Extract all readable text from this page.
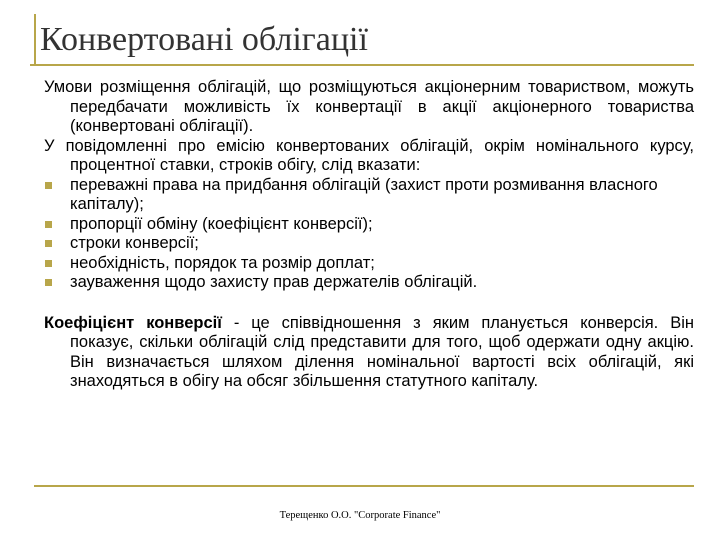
Конвертовані облігації

Умови розміщення облігацій, що розміщуються акціонерним товариством, можуть передбачати можливість їх конвертації в акції акціонерного товариства (конвертовані облігації).

У повідомленні про емісію конвертованих облігацій, окрім номінального курсу, процентної ставки, строків обігу, слід вказати:

переважні права на придбання облігацій (захист проти розмивання власного капіталу);
пропорції обміну (коефіцієнт конверсії);
строки конверсії;
необхідність, порядок та розмір доплат;
зауваження щодо захисту прав держателів облігацій.

Коефіцієнт конверсії - це співвідношення з яким планується конверсія. Він показує, скільки облігацій слід представити для того, щоб одержати одну акцію. Він визначається шляхом ділення номінальної вартості всіх облігацій, які знаходяться в обігу на обсяг збільшення статутного капіталу.

Терещенко О.О. "Corporate Finance"
